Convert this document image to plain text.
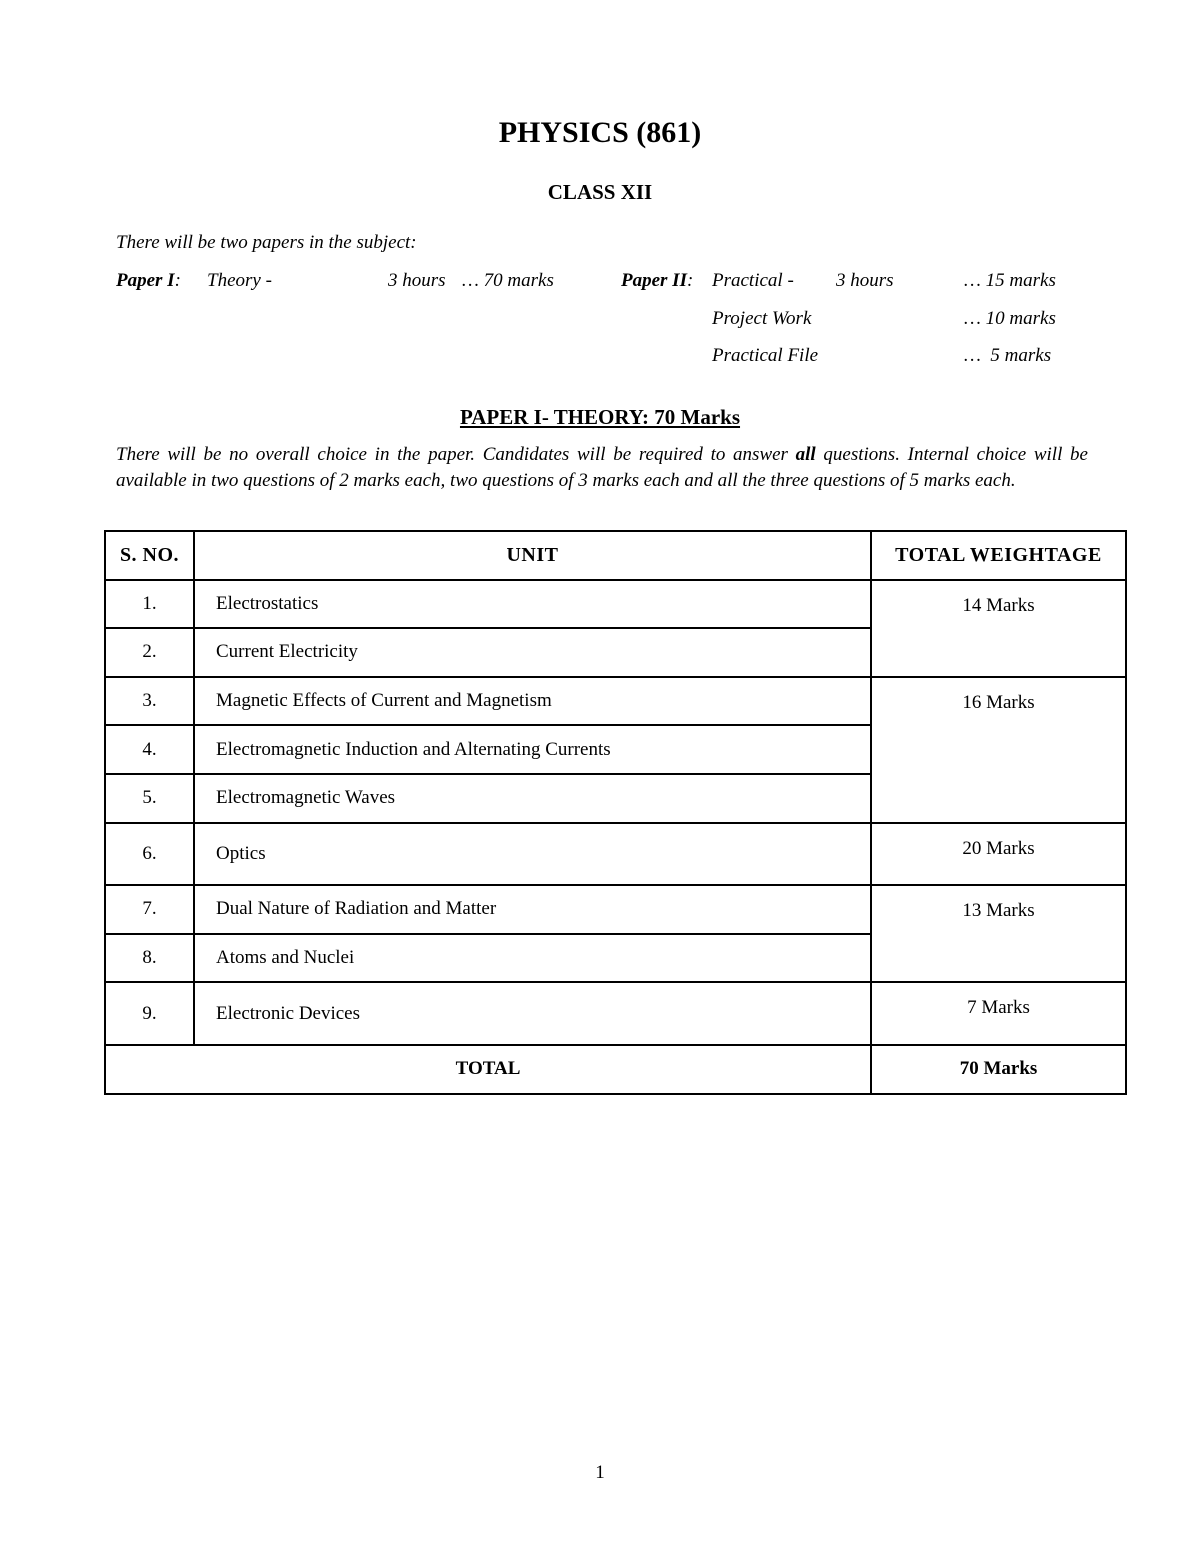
PHYSICS (861)
CLASS XII
There will be two papers in the subject:
Paper I: Theory -	3 hours … 70 marks	Paper II: Practical - 3 hours	… 15 marks
Project Work	… 10 marks
Practical File	…  5 marks
PAPER I- THEORY: 70 Marks
There will be no overall choice in the paper. Candidates will be required to answer all questions. Internal choice will be available in two questions of 2 marks each, two questions of 3 marks each and all the three questions of 5 marks each.
S. NO.	UNIT	TOTAL WEIGHTAGE
1.	Electrostatics	14 Marks
2.	Current Electricity	
3.	Magnetic Effects of Current and Magnetism	16 Marks
4.	Electromagnetic Induction and Alternating Currents	
5.	Electromagnetic Waves	
6.	Optics	20 Marks
7.	Dual Nature of Radiation and Matter	13 Marks
8.	Atoms and Nuclei	
9.	Electronic Devices	7 Marks
TOTAL		70 Marks
1
